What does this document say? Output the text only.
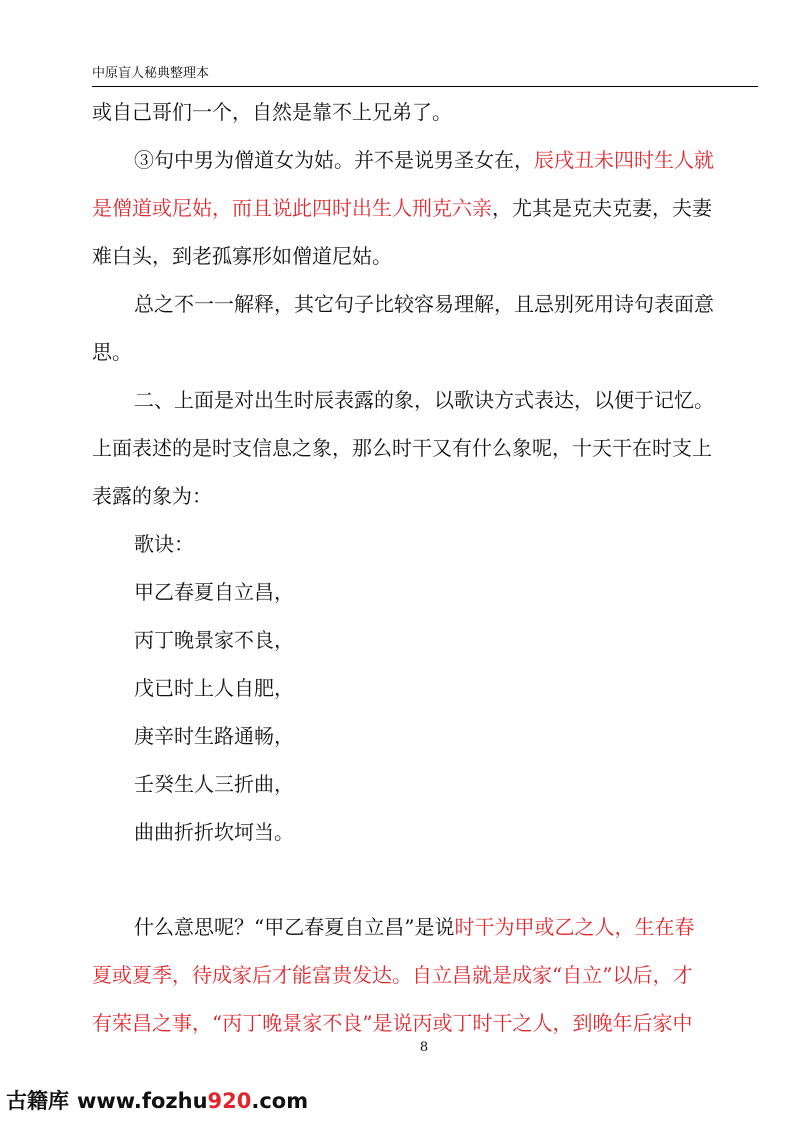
中原盲人秘典整理本
或自己哥们一个，自然是靠不上兄弟了。
③句中男为僧道女为姑。并不是说男圣女在，辰戌丑未四时生人就
是僧道或尼姑，而且说此四时出生人刑克六亲，尤其是克夫克妻，夫妻
难白头，到老孤寡形如僧道尼姑。
总之不一一解释，其它句子比较容易理解，且忌别死用诗句表面意
思。
二、上面是对出生时辰表露的象，以歌诀方式表达，以便于记忆。
上面表述的是时支信息之象，那么时干又有什么象呢，十天干在时支上
表露的象为：
歌诀：
甲乙春夏自立昌，
丙丁晚景家不良，
戊已时上人自肥，
庚辛时生路通畅，
壬癸生人三折曲，
曲曲折折坎坷当。
什么意思呢？“甲乙春夏自立昌”是说时干为甲或乙之人，生在春
夏或夏季，待成家后才能富贵发达。自立昌就是成家“自立”以后，才
有荣昌之事，“丙丁晚景家不良”是说丙或丁时干之人，到晚年后家中
8
古籍库 www.fozhu920.com
